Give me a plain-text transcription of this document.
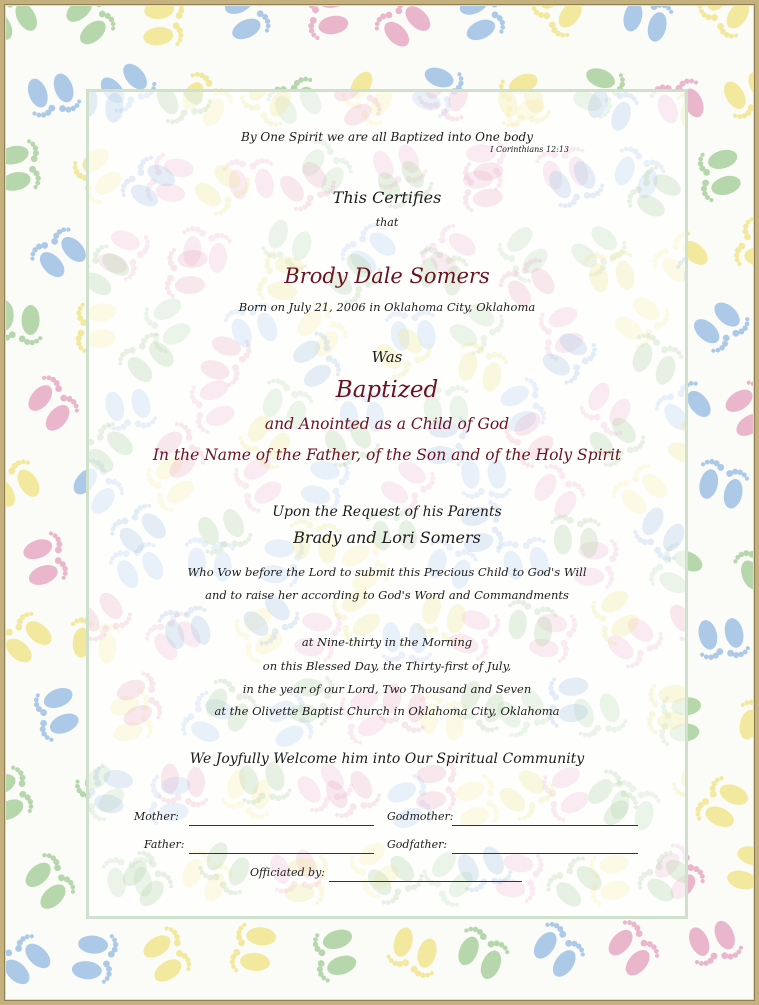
By One Spirit we are all Baptized into One body
I Corinthians 12:13
This Certifies
that
Brody Dale Somers
Born on July 21, 2006 in Oklahoma City, Oklahoma
Was
Baptized
and Anointed as a Child of God
In the Name of the Father, of the Son and of the Holy Spirit
Upon the Request of his Parents
Brady and Lori Somers
Who Vow before the Lord to submit this Precious Child to God's Will
and to raise her according to God's Word and Commandments
at Nine-thirty in the Morning
on this Blessed Day, the Thirty-first of July,
in the year of our Lord, Two Thousand and Seven
at the Olivette Baptist Church in Oklahoma City, Oklahoma
We Joyfully Welcome him into Our Spiritual Community
Mother:	Godmother:
Father:	Godfather:
Officiated by:
